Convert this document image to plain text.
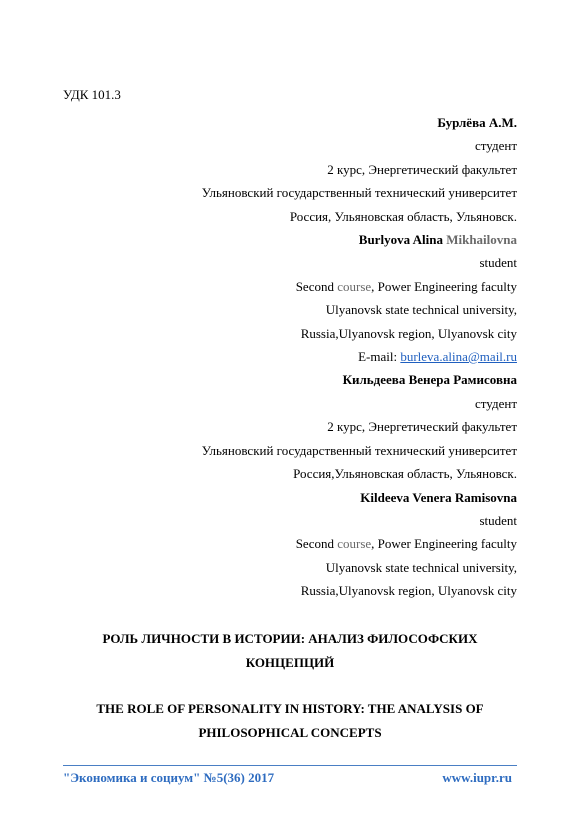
УДК 101.3
Бурлёва А.М.
студент
2 курс, Энергетический факультет
Ульяновский государственный технический университет
Россия, Ульяновская область, Ульяновск.
Burlyova Alina Mikhailovna
student
Second course, Power Engineering faculty
Ulyanovsk state technical university,
Russia,Ulyanovsk region, Ulyanovsk city
E-mail: burleva.alina@mail.ru
Кильдеева Венера Рамисовна
студент
2 курс, Энергетический факультет
Ульяновский государственный технический университет
Россия,Ульяновская область, Ульяновск.
Kildeeva Venera Ramisovna
student
Second course, Power Engineering faculty
Ulyanovsk state technical university,
Russia,Ulyanovsk region, Ulyanovsk city
РОЛЬ ЛИЧНОСТИ В ИСТОРИИ: АНАЛИЗ ФИЛОСОФСКИХ
КОНЦЕПЦИЙ
THE ROLE OF PERSONALITY IN HISTORY: THE ANALYSIS OF
PHILOSOPHICAL CONCEPTS
"Экономика и социум" №5(36) 2017	www.iupr.ru
